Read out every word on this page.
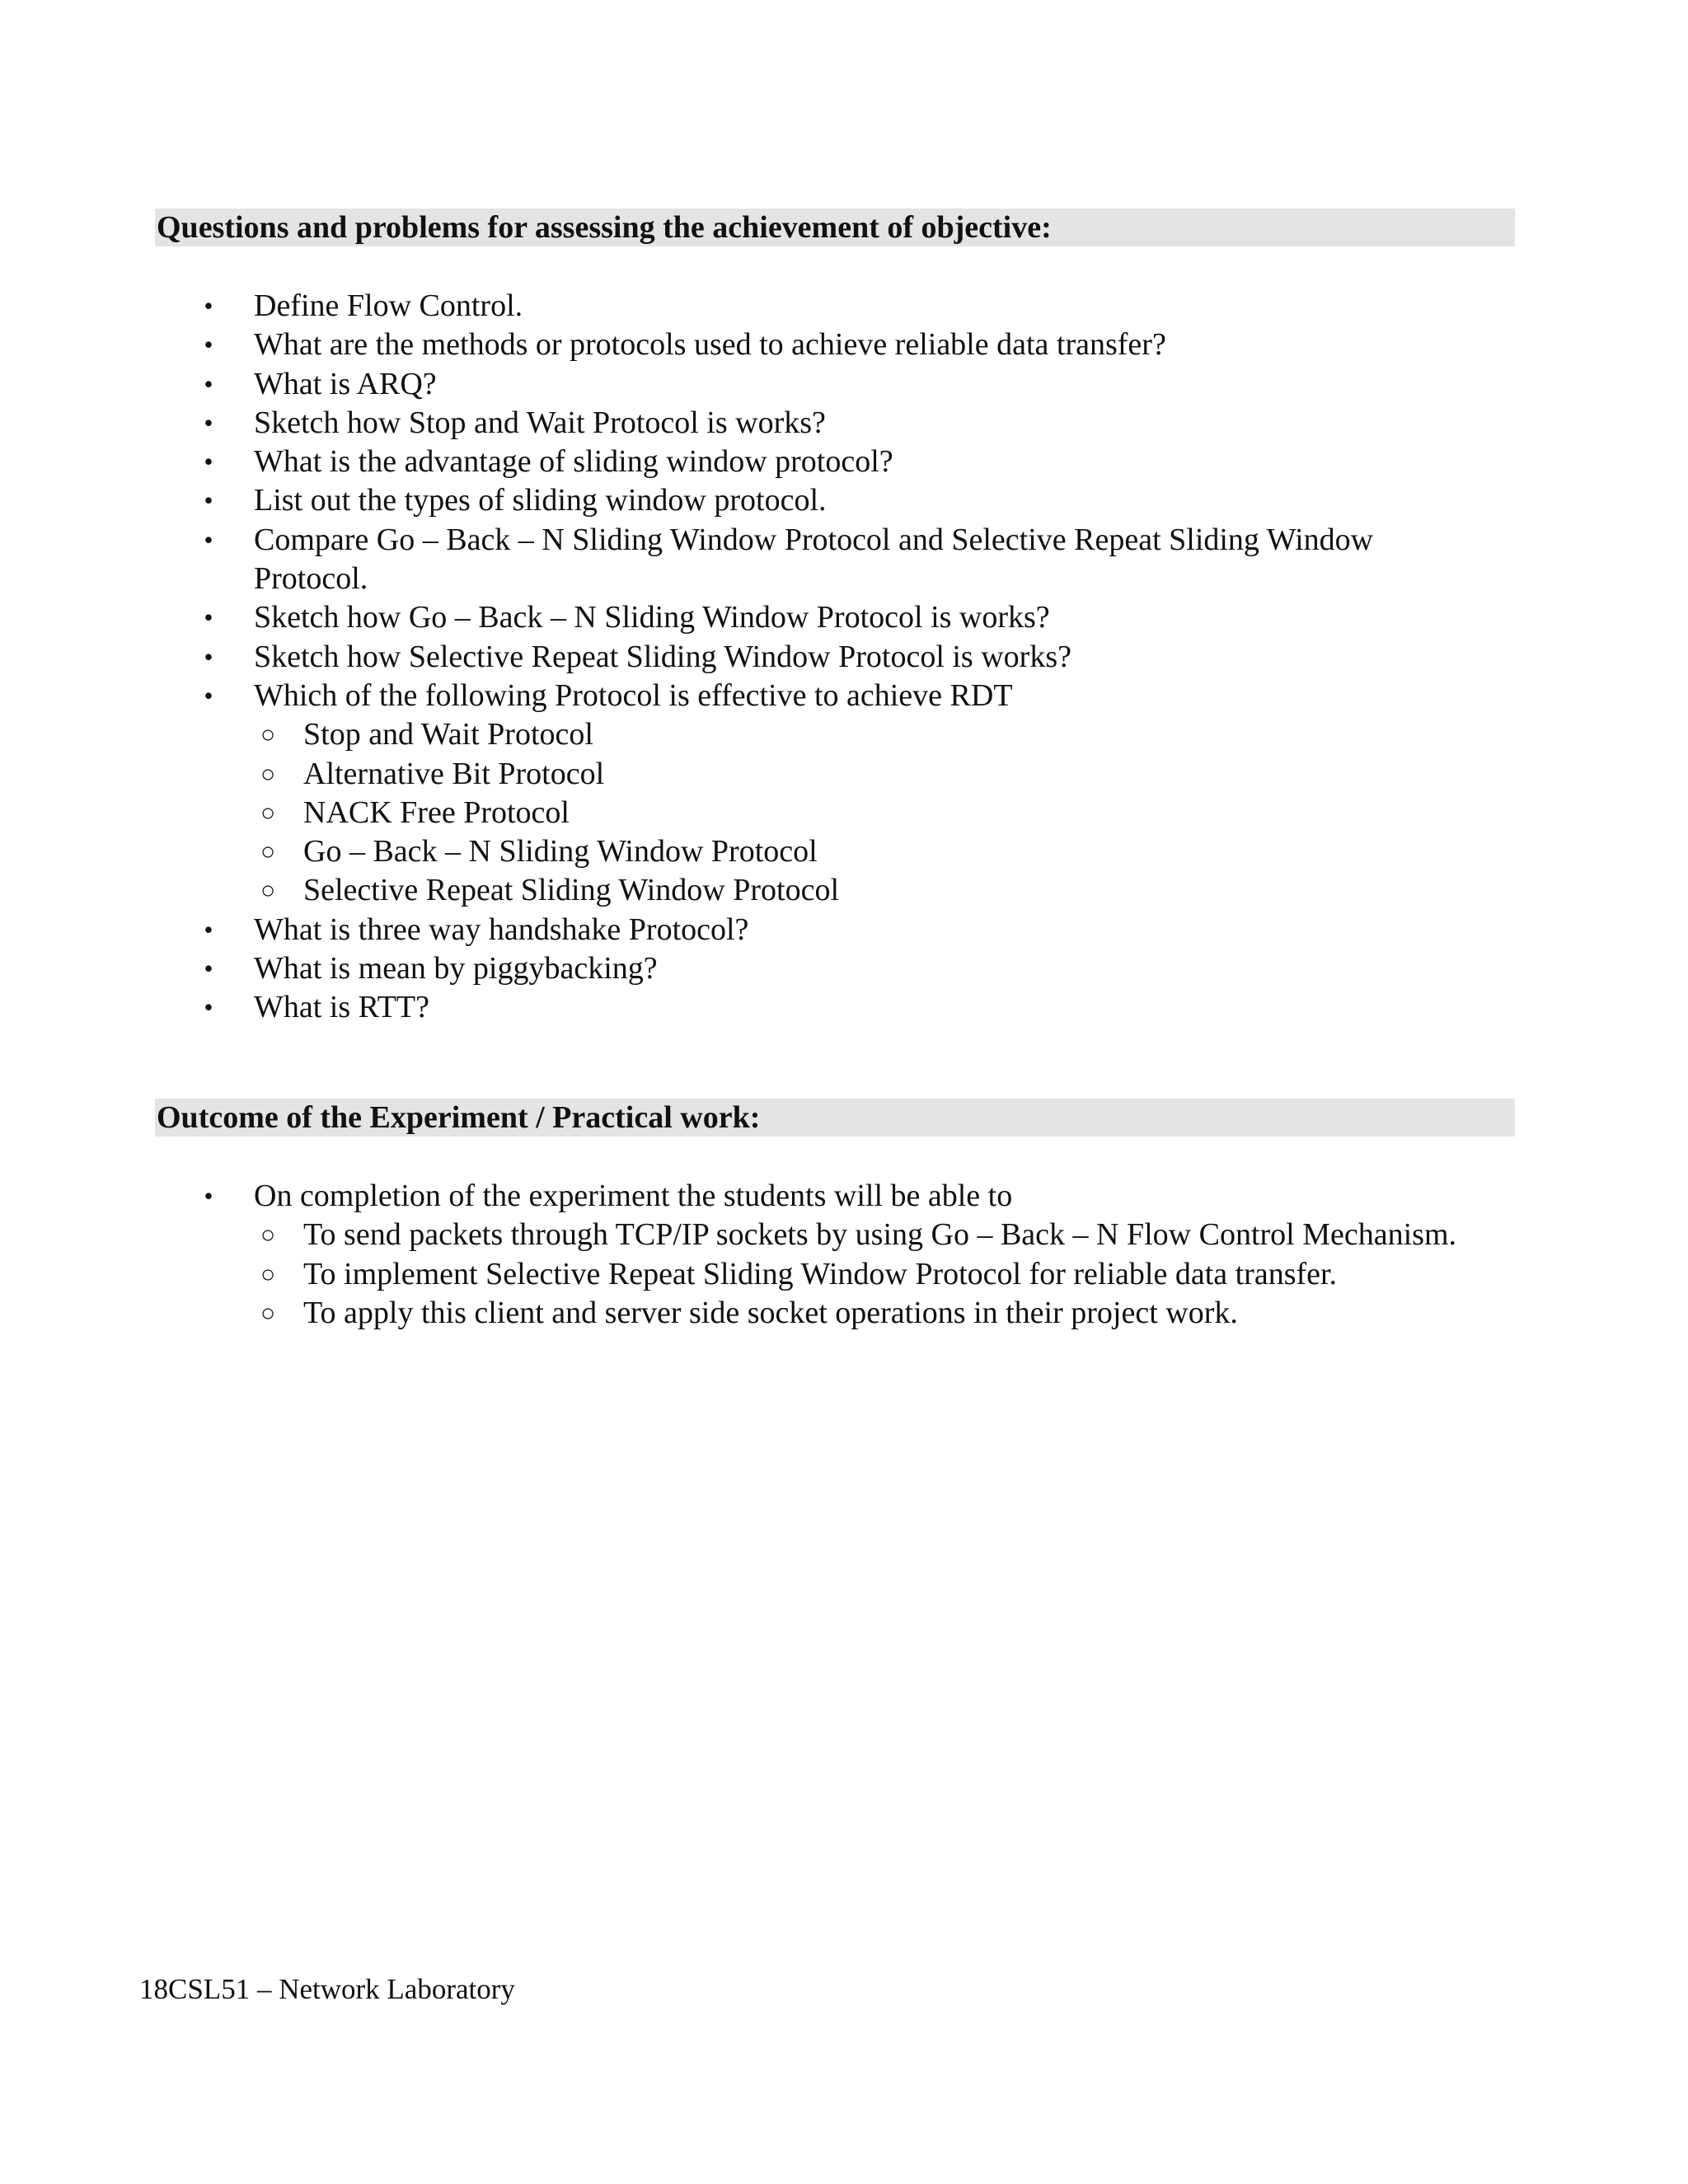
Questions and problems for assessing the achievement of objective:
•	Define Flow Control.
•	What are the methods or protocols used to achieve reliable data transfer?
•	What is ARQ?
•	Sketch how Stop and Wait Protocol is works?
•	What is the advantage of sliding window protocol?
•	List out the types of sliding window protocol.
•	Compare Go – Back – N Sliding Window Protocol and Selective Repeat Sliding Window Protocol.
•	Sketch how Go – Back – N Sliding Window Protocol is works?
•	Sketch how Selective Repeat Sliding Window Protocol is works?
•	Which of the following Protocol is effective to achieve RDT
○ Stop and Wait Protocol
○ Alternative Bit Protocol
○ NACK Free Protocol
○ Go – Back – N Sliding Window Protocol
○ Selective Repeat Sliding Window Protocol
•	What is three way handshake Protocol?
•	What is mean by piggybacking?
•	What is RTT?
Outcome of the Experiment / Practical work:
•	On completion of the experiment the students will be able to
○ To send packets through TCP/IP sockets by using Go – Back – N Flow Control Mechanism.
○ To implement Selective Repeat Sliding Window Protocol for reliable data transfer.
○ To apply this client and server side socket operations in their project work.
18CSL51 – Network Laboratory
